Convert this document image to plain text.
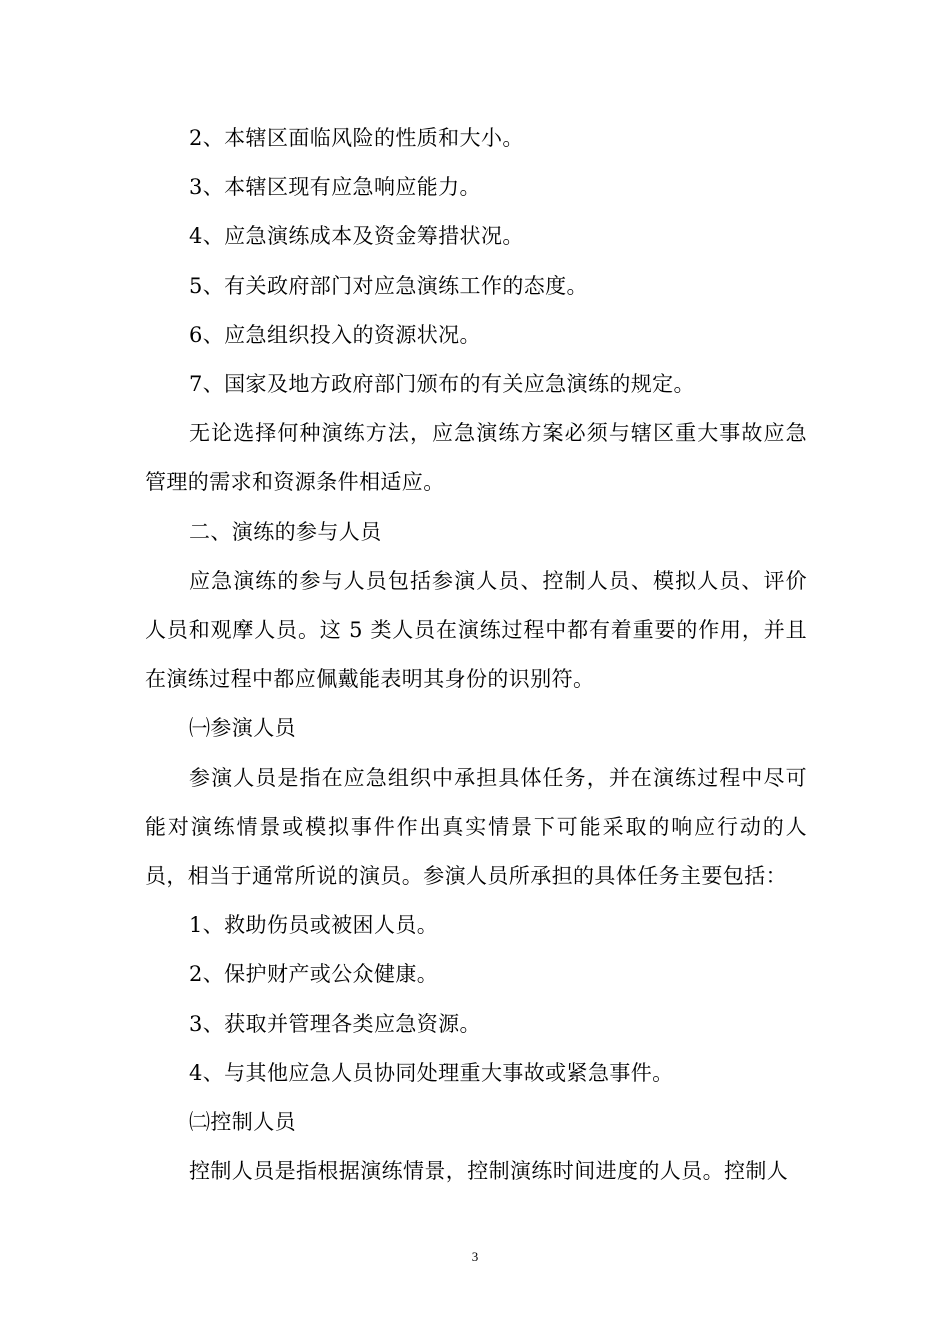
2、本辖区面临风险的性质和大小。

3、本辖区现有应急响应能力。

4、应急演练成本及资金筹措状况。

5、有关政府部门对应急演练工作的态度。

6、应急组织投入的资源状况。

7、国家及地方政府部门颁布的有关应急演练的规定。

无论选择何种演练方法，应急演练方案必须与辖区重大事故应急管理的需求和资源条件相适应。

二、演练的参与人员

应急演练的参与人员包括参演人员、控制人员、模拟人员、评价人员和观摩人员。这 5 类人员在演练过程中都有着重要的作用，并且在演练过程中都应佩戴能表明其身份的识别符。

㈠参演人员

参演人员是指在应急组织中承担具体任务，并在演练过程中尽可能对演练情景或模拟事件作出真实情景下可能采取的响应行动的人员，相当于通常所说的演员。参演人员所承担的具体任务主要包括：

1、救助伤员或被困人员。

2、保护财产或公众健康。

3、获取并管理各类应急资源。

4、与其他应急人员协同处理重大事故或紧急事件。

㈡控制人员

控制人员是指根据演练情景，控制演练时间进度的人员。控制人

3
